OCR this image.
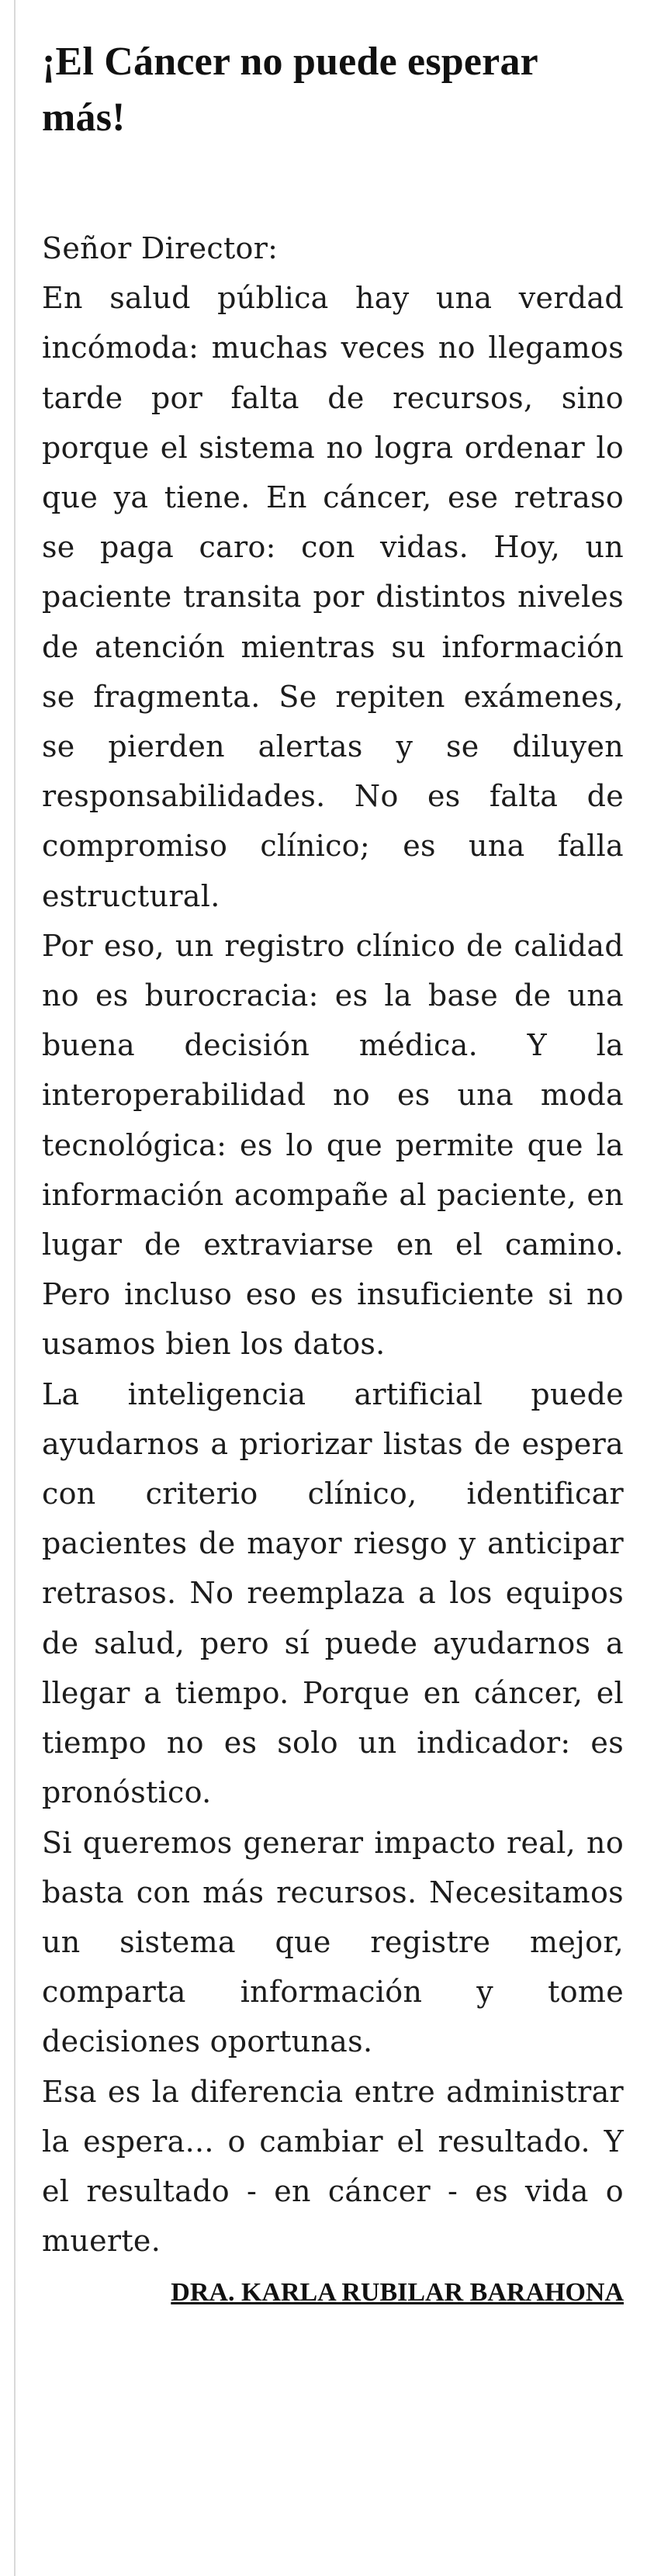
¡El Cáncer no puede esperar más!

Señor Director:

En salud pública hay una verdad incómoda: muchas veces no llegamos tarde por falta de recursos, sino porque el sistema no logra ordenar lo que ya tiene. En cáncer, ese retraso se paga caro: con vidas. Hoy, un paciente transita por distintos niveles de atención mientras su información se fragmenta. Se repiten exámenes, se pierden alertas y se diluyen responsabilidades. No es falta de compromiso clínico; es una falla estructural.

Por eso, un registro clínico de calidad no es burocracia: es la base de una buena decisión médica. Y la interoperabilidad no es una moda tecnológica: es lo que permite que la información acompañe al paciente, en lugar de extraviarse en el camino. Pero incluso eso es insuficiente si no usamos bien los datos.

La inteligencia artificial puede ayudarnos a priorizar listas de espera con criterio clínico, identificar pacientes de mayor riesgo y anticipar retrasos. No reemplaza a los equipos de salud, pero sí puede ayudarnos a llegar a tiempo. Porque en cáncer, el tiempo no es solo un indicador: es pronóstico.

Si queremos generar impacto real, no basta con más recursos. Necesitamos un sistema que registre mejor, comparta información y tome decisiones oportunas.

Esa es la diferencia entre administrar la espera... o cambiar el resultado. Y el resultado - en cáncer - es vida o muerte.

DRA. KARLA RUBILAR BARAHONA
